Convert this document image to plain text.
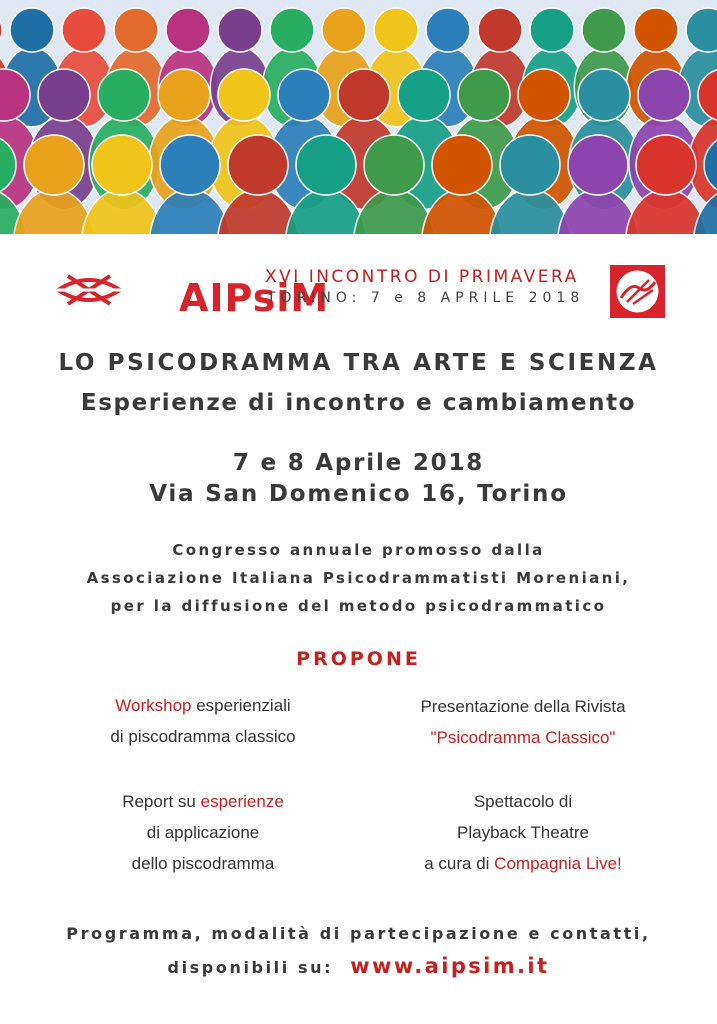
AIPsiM
XVI INCONTRO DI PRIMAVERA
TORINO: 7 e 8 APRILE 2018
LO PSICODRAMMA TRA ARTE E SCIENZA
Esperienze di incontro e cambiamento
7 e 8 Aprile 2018
Via San Domenico 16, Torino
Congresso annuale promosso dalla
Associazione Italiana Psicodrammatisti Moreniani,
per la diffusione del metodo psicodrammatico
PROPONE
Workshop esperienziali
di piscodramma classico
Presentazione della Rivista
"Psicodramma Classico"
Report su esperienze
di applicazione
dello piscodramma
Spettacolo di
Playback Theatre
a cura di Compagnia Live!
Programma, modalità di partecipazione e contatti,
disponibili su: www.aipsim.it
